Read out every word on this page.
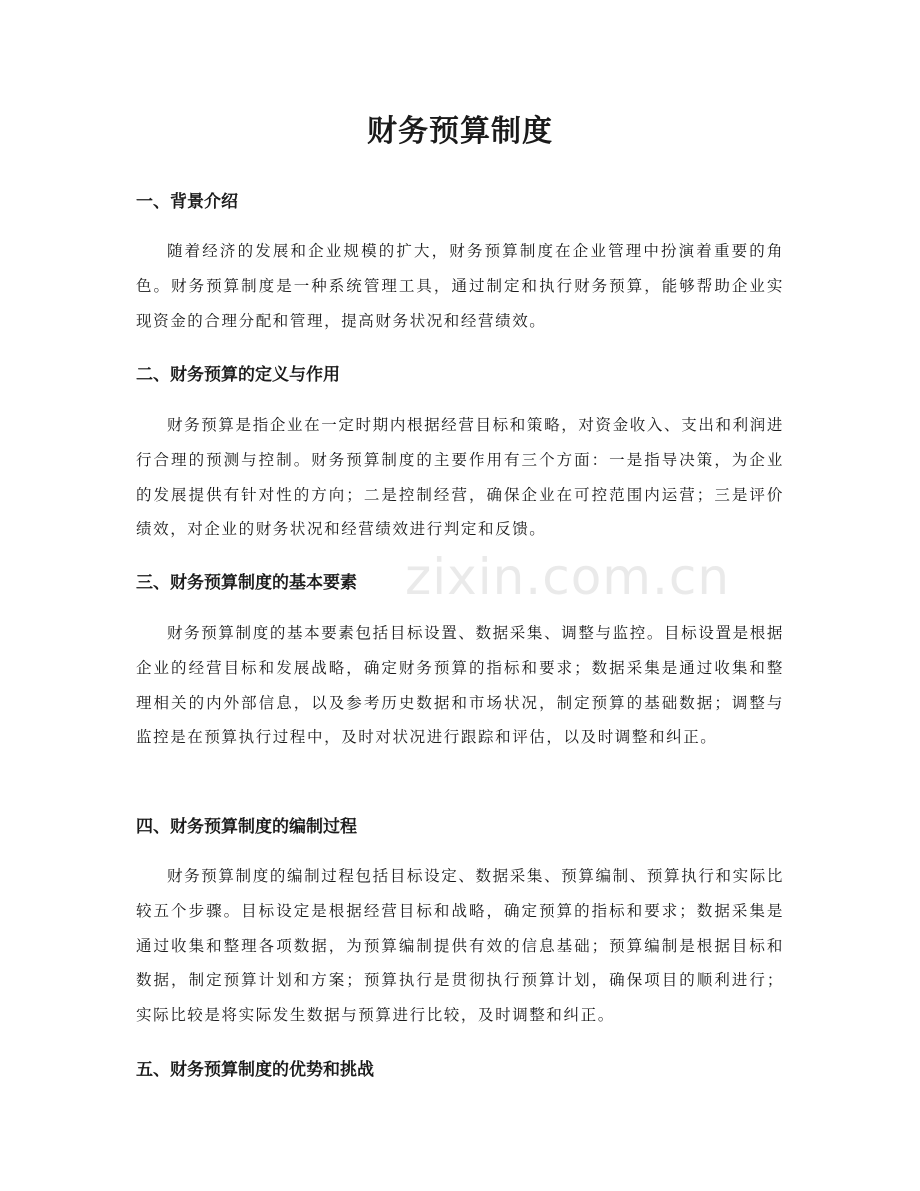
财务预算制度
一、背景介绍

随着经济的发展和企业规模的扩大，财务预算制度在企业管理中扮演着重要的角色。财务预算制度是一种系统管理工具，通过制定和执行财务预算，能够帮助企业实现资金的合理分配和管理，提高财务状况和经营绩效。

二、财务预算的定义与作用

财务预算是指企业在一定时期内根据经营目标和策略，对资金收入、支出和利润进行合理的预测与控制。财务预算制度的主要作用有三个方面：一是指导决策，为企业的发展提供有针对性的方向；二是控制经营，确保企业在可控范围内运营；三是评价绩效，对企业的财务状况和经营绩效进行判定和反馈。

三、财务预算制度的基本要素

财务预算制度的基本要素包括目标设置、数据采集、调整与监控。目标设置是根据企业的经营目标和发展战略，确定财务预算的指标和要求；数据采集是通过收集和整理相关的内外部信息，以及参考历史数据和市场状况，制定预算的基础数据；调整与监控是在预算执行过程中，及时对状况进行跟踪和评估，以及时调整和纠正。

四、财务预算制度的编制过程

财务预算制度的编制过程包括目标设定、数据采集、预算编制、预算执行和实际比较五个步骤。目标设定是根据经营目标和战略，确定预算的指标和要求；数据采集是通过收集和整理各项数据，为预算编制提供有效的信息基础；预算编制是根据目标和数据，制定预算计划和方案；预算执行是贯彻执行预算计划，确保项目的顺利进行；实际比较是将实际发生数据与预算进行比较，及时调整和纠正。

五、财务预算制度的优势和挑战
zixin.com.cn
